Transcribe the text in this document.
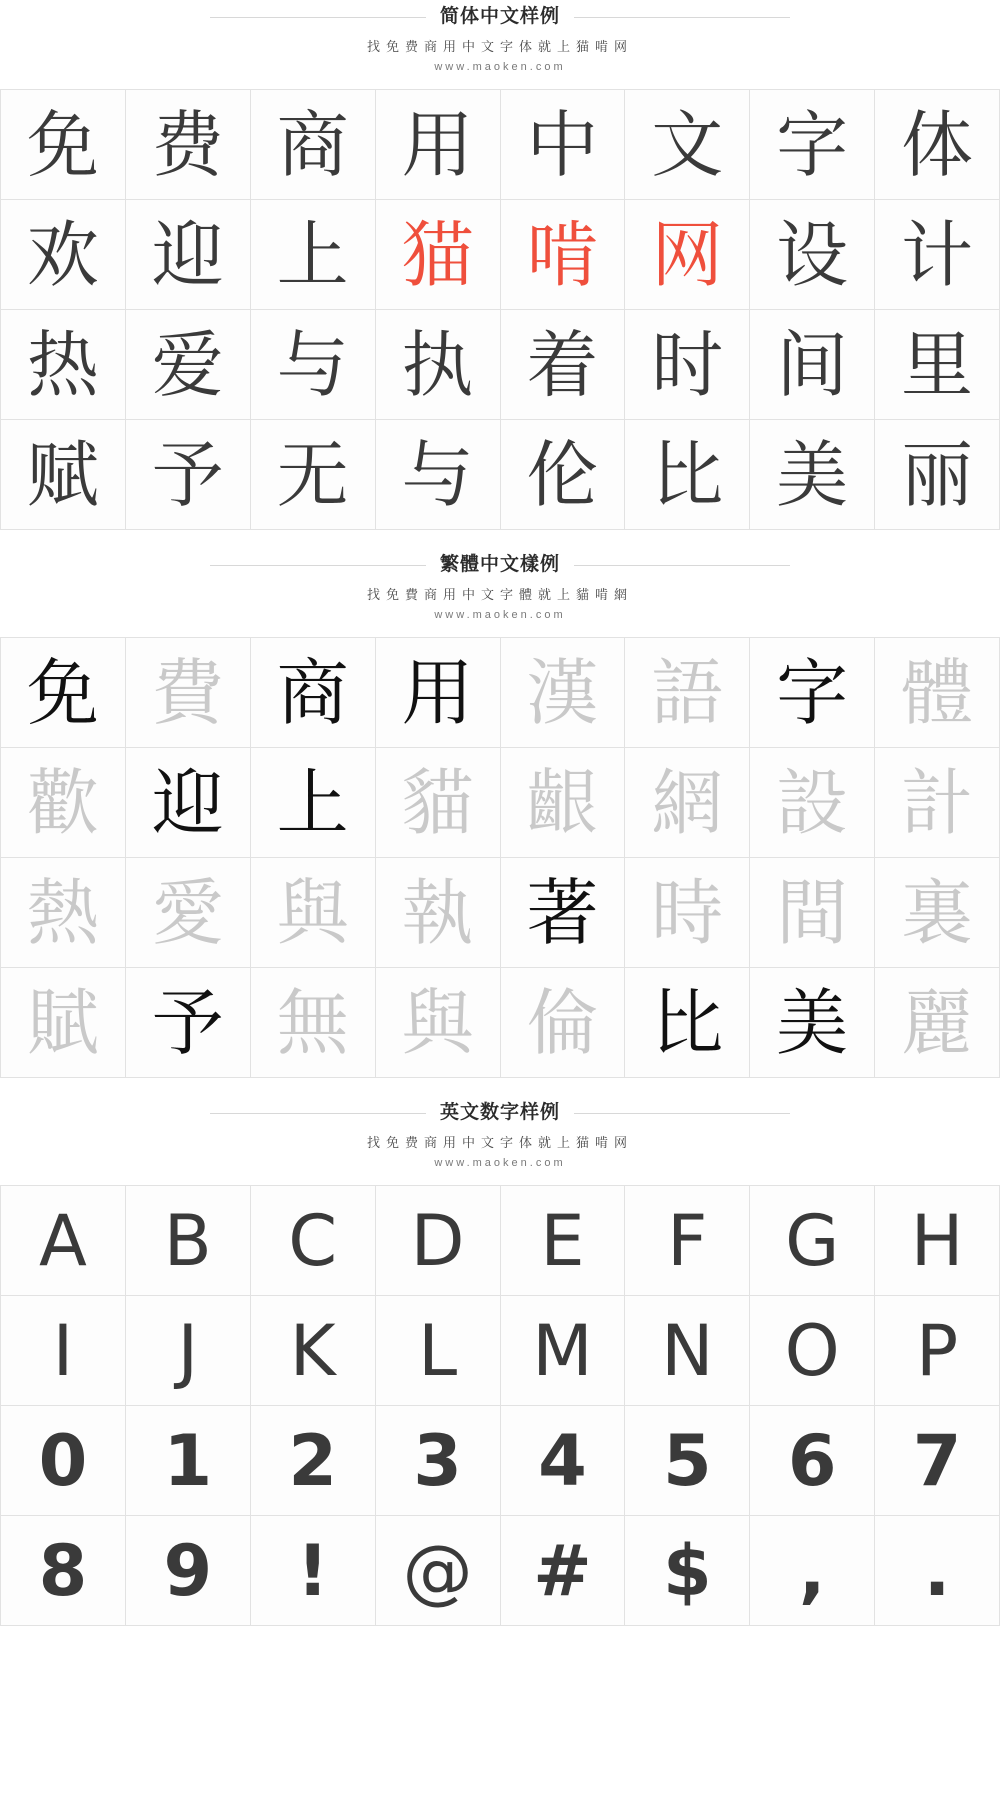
简体中文样例
找免费商用中文字体就上猫啃网
www.maoken.com
免 费 商 用 中 文 字 体
欢 迎 上 猫 啃 网 设 计
热 爱 与 执 着 时 间 里
赋 予 无 与 伦 比 美 丽
繁體中文樣例
找免費商用中文字體就上貓啃網
www.maoken.com
免 費 商 用 漢 語 字 體
歡 迎 上 貓 齦 網 設 計
熱 愛 與 執 著 時 間 裏
賦 予 無 與 倫 比 美 麗
英文数字样例
找免费商用中文字体就上猫啃网
www.maoken.com
A B C D E F G H
I J K L M N O P
0 1 2 3 4 5 6 7
8 9 ! @ # $ , .
